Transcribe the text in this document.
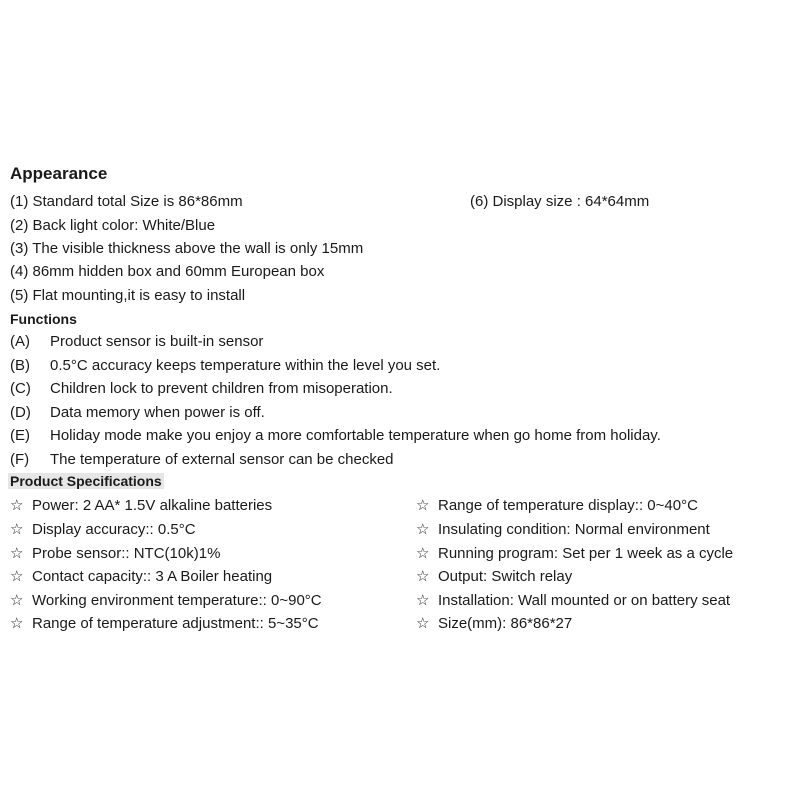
Appearance
(1) Standard total Size is 86*86mm	(6) Display size : 64*64mm
(2) Back light color: White/Blue
(3) The visible thickness above the wall is only 15mm
(4) 86mm hidden box and 60mm European box
(5) Flat mounting,it is easy to install
Functions
(A) Product sensor is built-in sensor
(B) 0.5°C accuracy keeps temperature within the level you set.
(C) Children lock to prevent children from misoperation.
(D) Data memory when power is off.
(E) Holiday mode make you enjoy a more comfortable temperature when go home from holiday.
(F) The temperature of external sensor can be checked
Product Specifications
☆ Power: 2 AA* 1.5V alkaline batteries
☆ Display accuracy:: 0.5°C
☆ Probe sensor:: NTC(10k)1%
☆ Contact capacity:: 3 A Boiler heating
☆ Working environment temperature:: 0~90°C
☆ Range of temperature adjustment:: 5~35°C
☆ Range of temperature display:: 0~40°C
☆ Insulating condition: Normal environment
☆ Running program: Set per 1 week as a cycle
☆ Output: Switch relay
☆ Installation: Wall mounted or on battery seat
☆ Size(mm): 86*86*27
